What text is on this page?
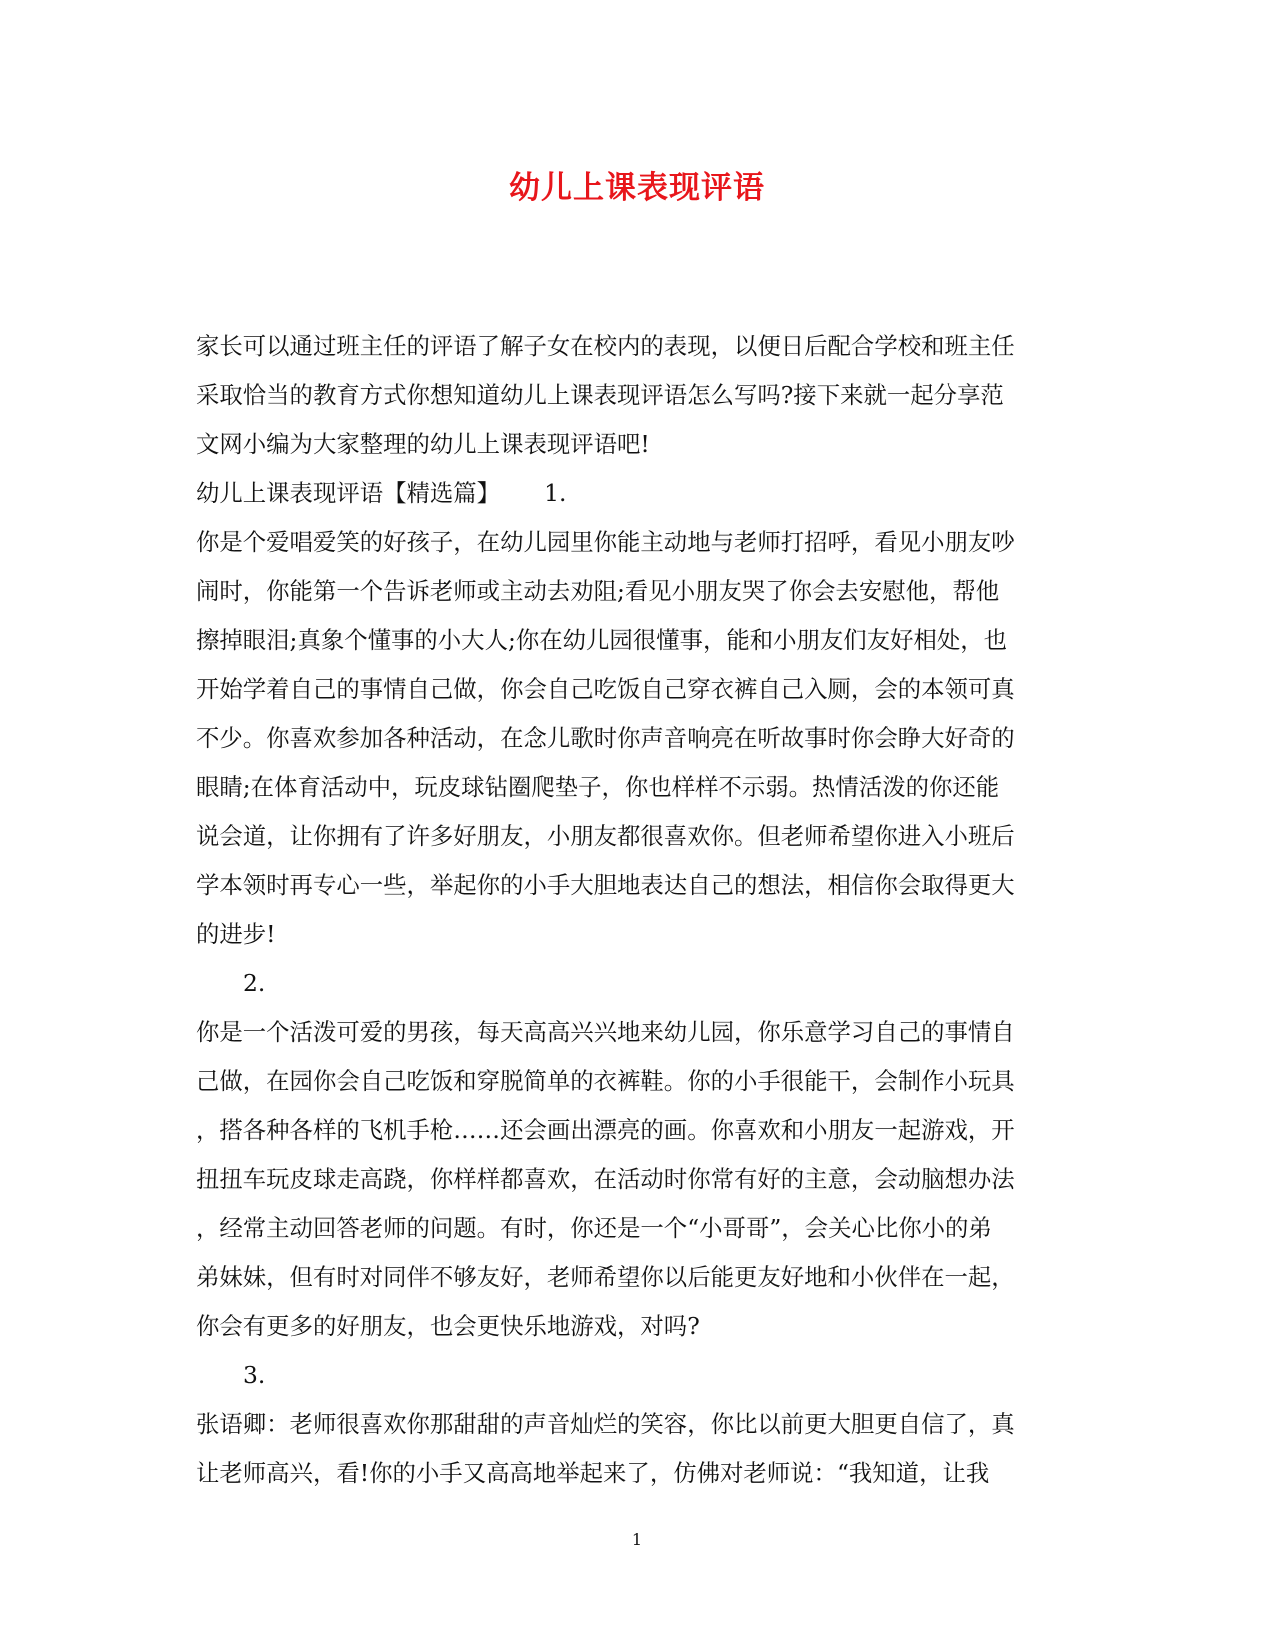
幼儿上课表现评语
家长可以通过班主任的评语了解子女在校内的表现，以便日后配合学校和班主任
采取恰当的教育方式你想知道幼儿上课表现评语怎么写吗?接下来就一起分享范
文网小编为大家整理的幼儿上课表现评语吧!
幼儿上课表现评语【精选篇】 1.
你是个爱唱爱笑的好孩子，在幼儿园里你能主动地与老师打招呼，看见小朋友吵
闹时，你能第一个告诉老师或主动去劝阻;看见小朋友哭了你会去安慰他，帮他
擦掉眼泪;真象个懂事的小大人;你在幼儿园很懂事，能和小朋友们友好相处，也
开始学着自己的事情自己做，你会自己吃饭自己穿衣裤自己入厕，会的本领可真
不少。你喜欢参加各种活动，在念儿歌时你声音响亮在听故事时你会睁大好奇的
眼睛;在体育活动中，玩皮球钻圈爬垫子，你也样样不示弱。热情活泼的你还能
说会道，让你拥有了许多好朋友，小朋友都很喜欢你。但老师希望你进入小班后
学本领时再专心一些，举起你的小手大胆地表达自己的想法，相信你会取得更大
的进步!
2.
你是一个活泼可爱的男孩，每天高高兴兴地来幼儿园，你乐意学习自己的事情自
己做，在园你会自己吃饭和穿脱简单的衣裤鞋。你的小手很能干，会制作小玩具
，搭各种各样的飞机手枪……还会画出漂亮的画。你喜欢和小朋友一起游戏，开
扭扭车玩皮球走高跷，你样样都喜欢，在活动时你常有好的主意，会动脑想办法
，经常主动回答老师的问题。有时，你还是一个“小哥哥”，会关心比你小的弟
弟妹妹，但有时对同伴不够友好，老师希望你以后能更友好地和小伙伴在一起，
你会有更多的好朋友，也会更快乐地游戏，对吗?
3.
张语卿：老师很喜欢你那甜甜的声音灿烂的笑容，你比以前更大胆更自信了，真
让老师高兴，看!你的小手又高高地举起来了，仿佛对老师说：“我知道，让我
1
